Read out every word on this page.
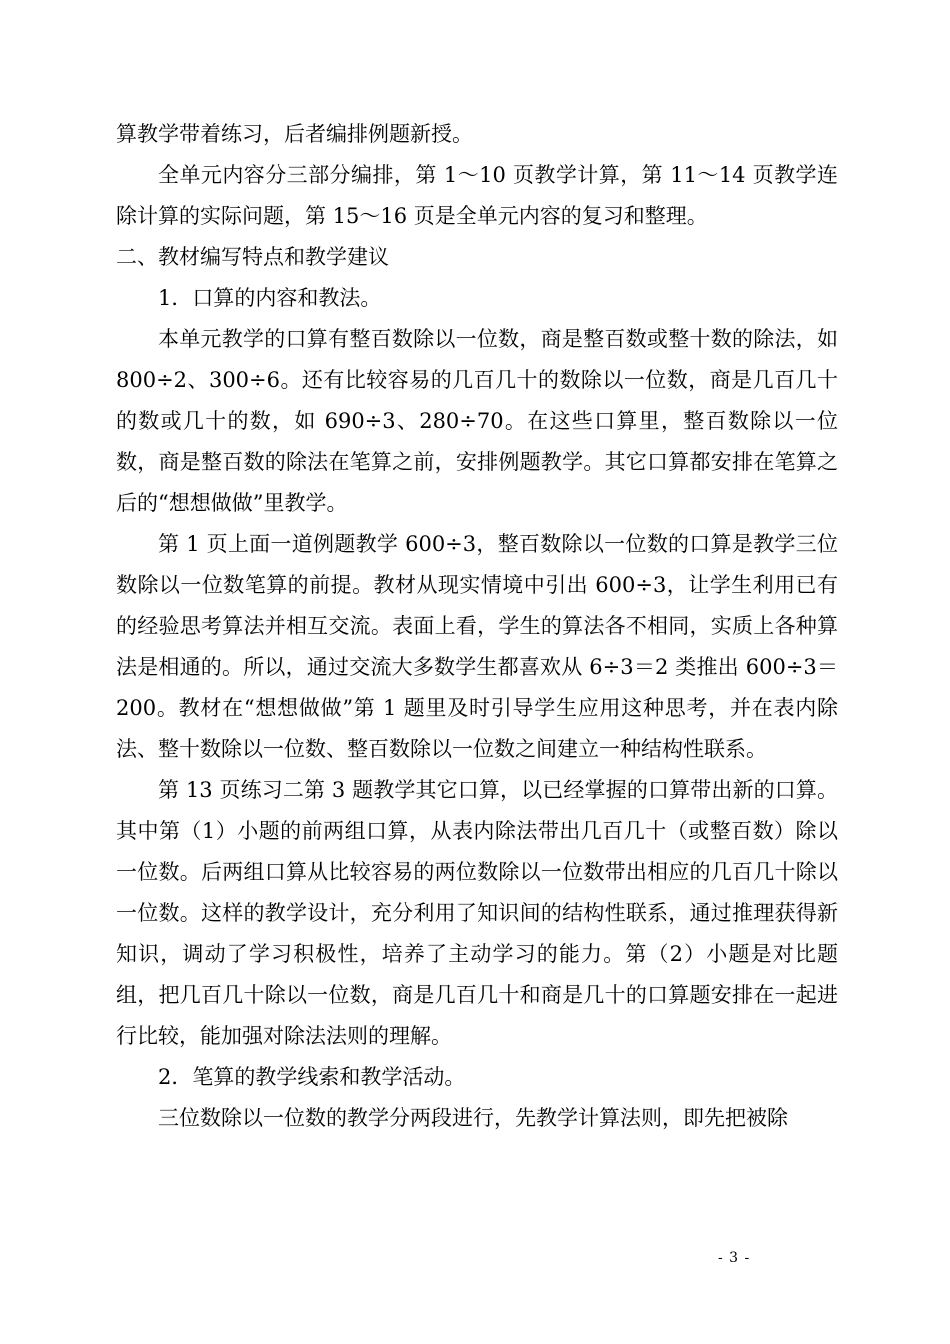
算教学带着练习，后者编排例题新授。

全单元内容分三部分编排，第 1～10 页教学计算，第 11～14 页教学连除计算的实际问题，第 15～16 页是全单元内容的复习和整理。

二、教材编写特点和教学建议

1．口算的内容和教法。

本单元教学的口算有整百数除以一位数，商是整百数或整十数的除法，如 800÷2、300÷6。还有比较容易的几百几十的数除以一位数，商是几百几十的数或几十的数，如 690÷3、280÷70。在这些口算里，整百数除以一位数，商是整百数的除法在笔算之前，安排例题教学。其它口算都安排在笔算之后的“想想做做”里教学。

第 1 页上面一道例题教学 600÷3，整百数除以一位数的口算是教学三位数除以一位数笔算的前提。教材从现实情境中引出 600÷3，让学生利用已有的经验思考算法并相互交流。表面上看，学生的算法各不相同，实质上各种算法是相通的。所以，通过交流大多数学生都喜欢从 6÷3＝2 类推出 600÷3＝200。教材在“想想做做”第 1 题里及时引导学生应用这种思考，并在表内除法、整十数除以一位数、整百数除以一位数之间建立一种结构性联系。

第 13 页练习二第 3 题教学其它口算，以已经掌握的口算带出新的口算。其中第（1）小题的前两组口算，从表内除法带出几百几十（或整百数）除以一位数。后两组口算从比较容易的两位数除以一位数带出相应的几百几十除以一位数。这样的教学设计，充分利用了知识间的结构性联系，通过推理获得新知识，调动了学习积极性，培养了主动学习的能力。第（2）小题是对比题组，把几百几十除以一位数，商是几百几十和商是几十的口算题安排在一起进行比较，能加强对除法法则的理解。

2．笔算的教学线索和教学活动。

三位数除以一位数的教学分两段进行，先教学计算法则，即先把被除

- 3 -
